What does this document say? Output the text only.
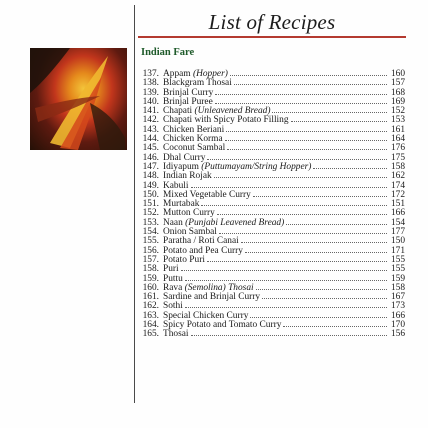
List of Recipes
Indian Fare
137. Appam (Hopper)	160
138. Blackgram Thosai	157
139. Brinjal Curry	168
140. Brinjal Puree	169
141. Chapati (Unleavened Bread)	152
142. Chapati with Spicy Potato Filling	153
143. Chicken Beriani	161
144. Chicken Korma	164
145. Coconut Sambal	176
146. Dhal Curry	175
147. Idiyapum (Puttumayam/String Hopper)	158
148. Indian Rojak	162
149. Kabuli	174
150. Mixed Vegetable Curry	172
151. Murtabak	151
152. Mutton Curry	166
153. Naan (Punjabi Leavened Bread)	154
154. Onion Sambal	177
155. Paratha / Roti Canai	150
156. Potato and Pea Curry	171
157. Potato Puri	155
158. Puri	155
159. Puttu	159
160. Rava (Semolina) Thosai	158
161. Sardine and Brinjal Curry	167
162. Sothi	173
163. Special Chicken Curry	166
164. Spicy Potato and Tomato Curry	170
165. Thosai	156
